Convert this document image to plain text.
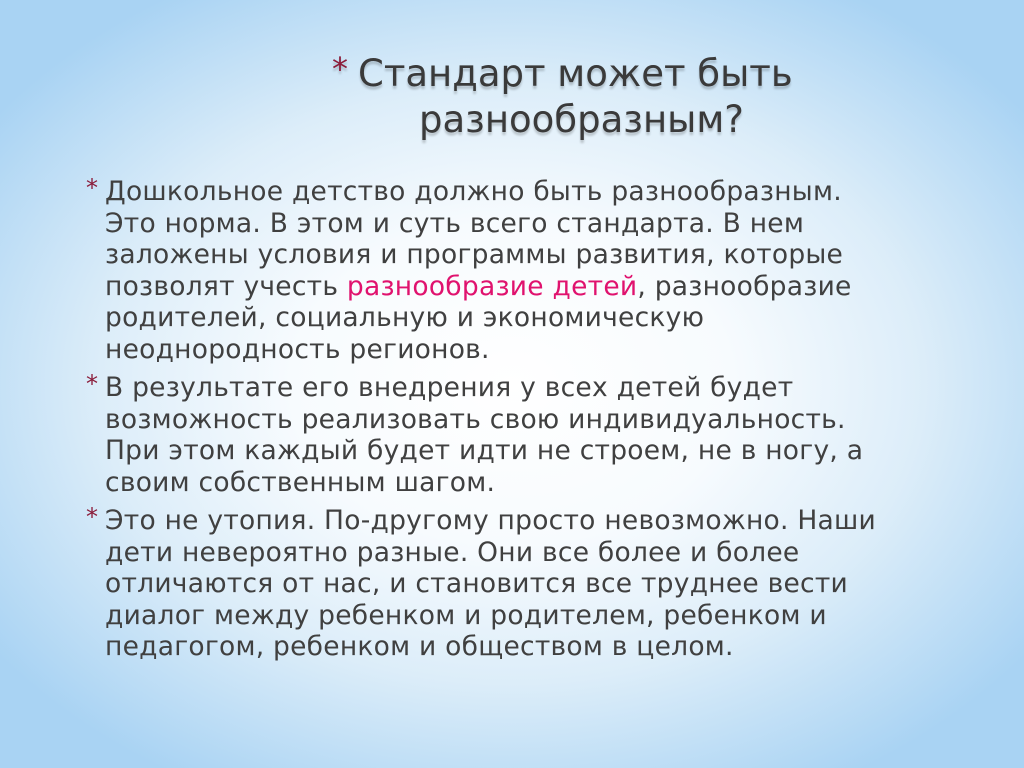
* Стандарт может быть
разнообразным?
* Дошкольное детство должно быть разнообразным.
Это норма. В этом и суть всего стандарта. В нем
заложены условия и программы развития, которые
позволят учесть разнообразие детей, разнообразие
родителей, социальную и экономическую
неоднородность регионов.
* В результате его внедрения у всех детей будет
возможность реализовать свою индивидуальность.
При этом каждый будет идти не строем, не в ногу, а
своим собственным шагом.
* Это не утопия. По-другому просто невозможно. Наши
дети невероятно разные. Они все более и более
отличаются от нас, и становится все труднее вести
диалог между ребенком и родителем, ребенком и
педагогом, ребенком и обществом в целом.
